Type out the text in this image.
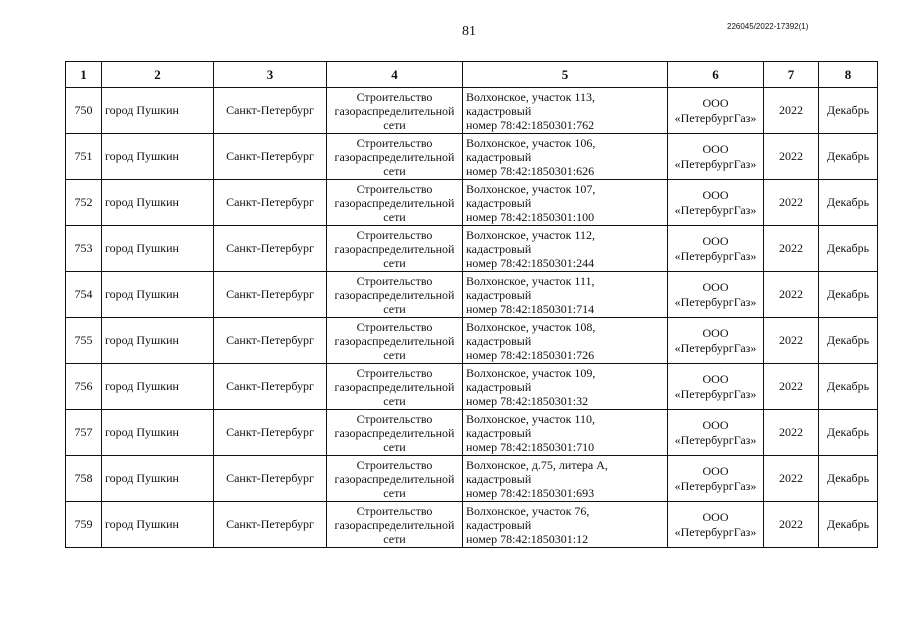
81	226045/2022-17392(1)
1	2	3	4	5	6	7	8
750	город Пушкин	Санкт-Петербург	Строительство
газораспределительной
сети	Волхонское, участок 113,
кадастровый
номер 78:42:1850301:762	ООО
«ПетербургГаз»	2022	Декабрь
751	город Пушкин	Санкт-Петербург	Строительство
газораспределительной
сети	Волхонское, участок 106,
кадастровый
номер 78:42:1850301:626	ООО
«ПетербургГаз»	2022	Декабрь
752	город Пушкин	Санкт-Петербург	Строительство
газораспределительной
сети	Волхонское, участок 107,
кадастровый
номер 78:42:1850301:100	ООО
«ПетербургГаз»	2022	Декабрь
753	город Пушкин	Санкт-Петербург	Строительство
газораспределительной
сети	Волхонское, участок 112,
кадастровый
номер 78:42:1850301:244	ООО
«ПетербургГаз»	2022	Декабрь
754	город Пушкин	Санкт-Петербург	Строительство
газораспределительной
сети	Волхонское, участок 111,
кадастровый
номер 78:42:1850301:714	ООО
«ПетербургГаз»	2022	Декабрь
755	город Пушкин	Санкт-Петербург	Строительство
газораспределительной
сети	Волхонское, участок 108,
кадастровый
номер 78:42:1850301:726	ООО
«ПетербургГаз»	2022	Декабрь
756	город Пушкин	Санкт-Петербург	Строительство
газораспределительной
сети	Волхонское, участок 109,
кадастровый
номер 78:42:1850301:32	ООО
«ПетербургГаз»	2022	Декабрь
757	город Пушкин	Санкт-Петербург	Строительство
газораспределительной
сети	Волхонское, участок 110,
кадастровый
номер 78:42:1850301:710	ООО
«ПетербургГаз»	2022	Декабрь
758	город Пушкин	Санкт-Петербург	Строительство
газораспределительной
сети	Волхонское, д.75, литера А,
кадастровый
номер 78:42:1850301:693	ООО
«ПетербургГаз»	2022	Декабрь
759	город Пушкин	Санкт-Петербург	Строительство
газораспределительной
сети	Волхонское, участок 76,
кадастровый
номер 78:42:1850301:12	ООО
«ПетербургГаз»	2022	Декабрь
